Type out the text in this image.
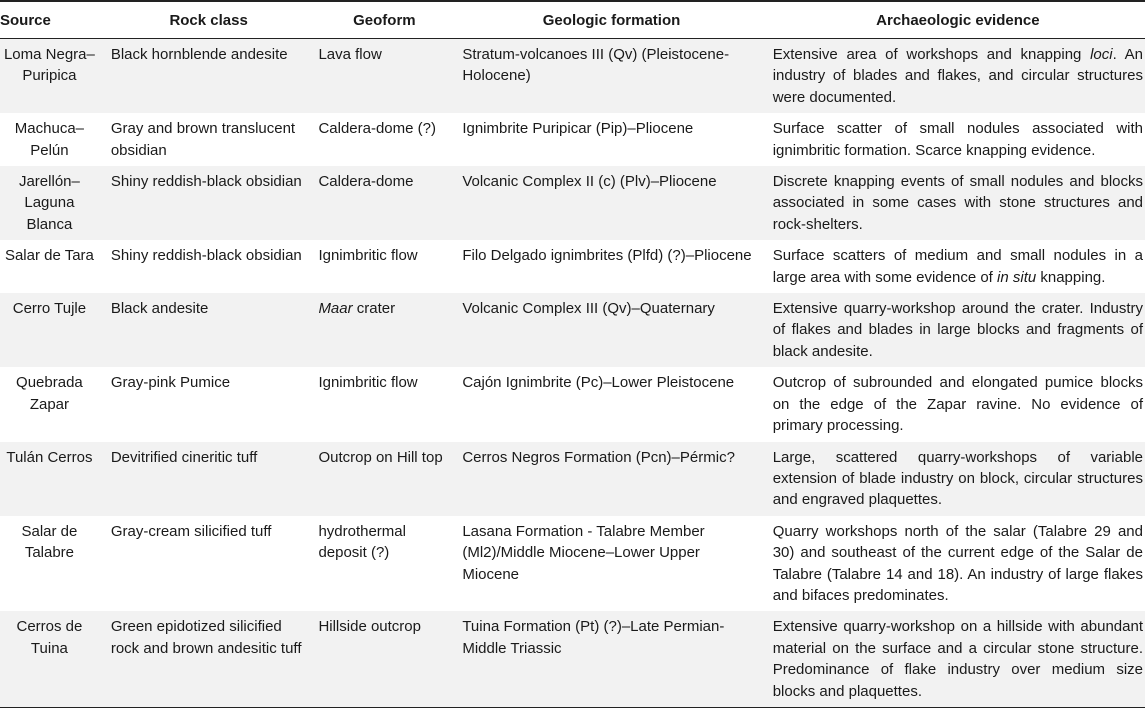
Source	Rock class	Geoform	Geologic formation	Archaeologic evidence
Loma Negra–Puripica	Black hornblende andesite	Lava flow	Stratum-volcanoes III (Qv) (Pleistocene-Holocene)	Extensive area of workshops and knapping loci. An industry of blades and flakes, and circular structures were documented.
Machuca–Pelún	Gray and brown translucent obsidian	Caldera-dome (?)	Ignimbrite Puripicar (Pip)–Pliocene	Surface scatter of small nodules associated with ignimbritic formation. Scarce knapping evidence.
Jarellón–Laguna Blanca	Shiny reddish-black obsidian	Caldera-dome	Volcanic Complex II (c) (Plv)–Pliocene	Discrete knapping events of small nodules and blocks associated in some cases with stone structures and rock-shelters.
Salar de Tara	Shiny reddish-black obsidian	Ignimbritic flow	Filo Delgado ignimbrites (Plfd) (?)–Pliocene	Surface scatters of medium and small nodules in a large area with some evidence of in situ knapping.
Cerro Tujle	Black andesite	Maar crater	Volcanic Complex III (Qv)–Quaternary	Extensive quarry-workshop around the crater. Industry of flakes and blades in large blocks and fragments of black andesite.
Quebrada Zapar	Gray-pink Pumice	Ignimbritic flow	Cajón Ignimbrite (Pc)–Lower Pleistocene	Outcrop of subrounded and elongated pumice blocks on the edge of the Zapar ravine. No evidence of primary processing.
Tulán Cerros	Devitrified cineritic tuff	Outcrop on Hill top	Cerros Negros Formation (Pcn)–Pérmic?	Large, scattered quarry-workshops of variable extension of blade industry on block, circular structures and engraved plaquettes.
Salar de Talabre	Gray-cream silicified tuff	hydrothermal deposit (?)	Lasana Formation - Talabre Member (Ml2)/Middle Miocene–Lower Upper Miocene	Quarry workshops north of the salar (Talabre 29 and 30) and southeast of the current edge of the Salar de Talabre (Talabre 14 and 18). An industry of large flakes and bifaces predominates.
Cerros de Tuina	Green epidotized silicified rock and brown andesitic tuff	Hillside outcrop	Tuina Formation (Pt) (?)–Late Permian-Middle Triassic	Extensive quarry-workshop on a hillside with abundant material on the surface and a circular stone structure. Predominance of flake industry over medium size blocks and plaquettes.
